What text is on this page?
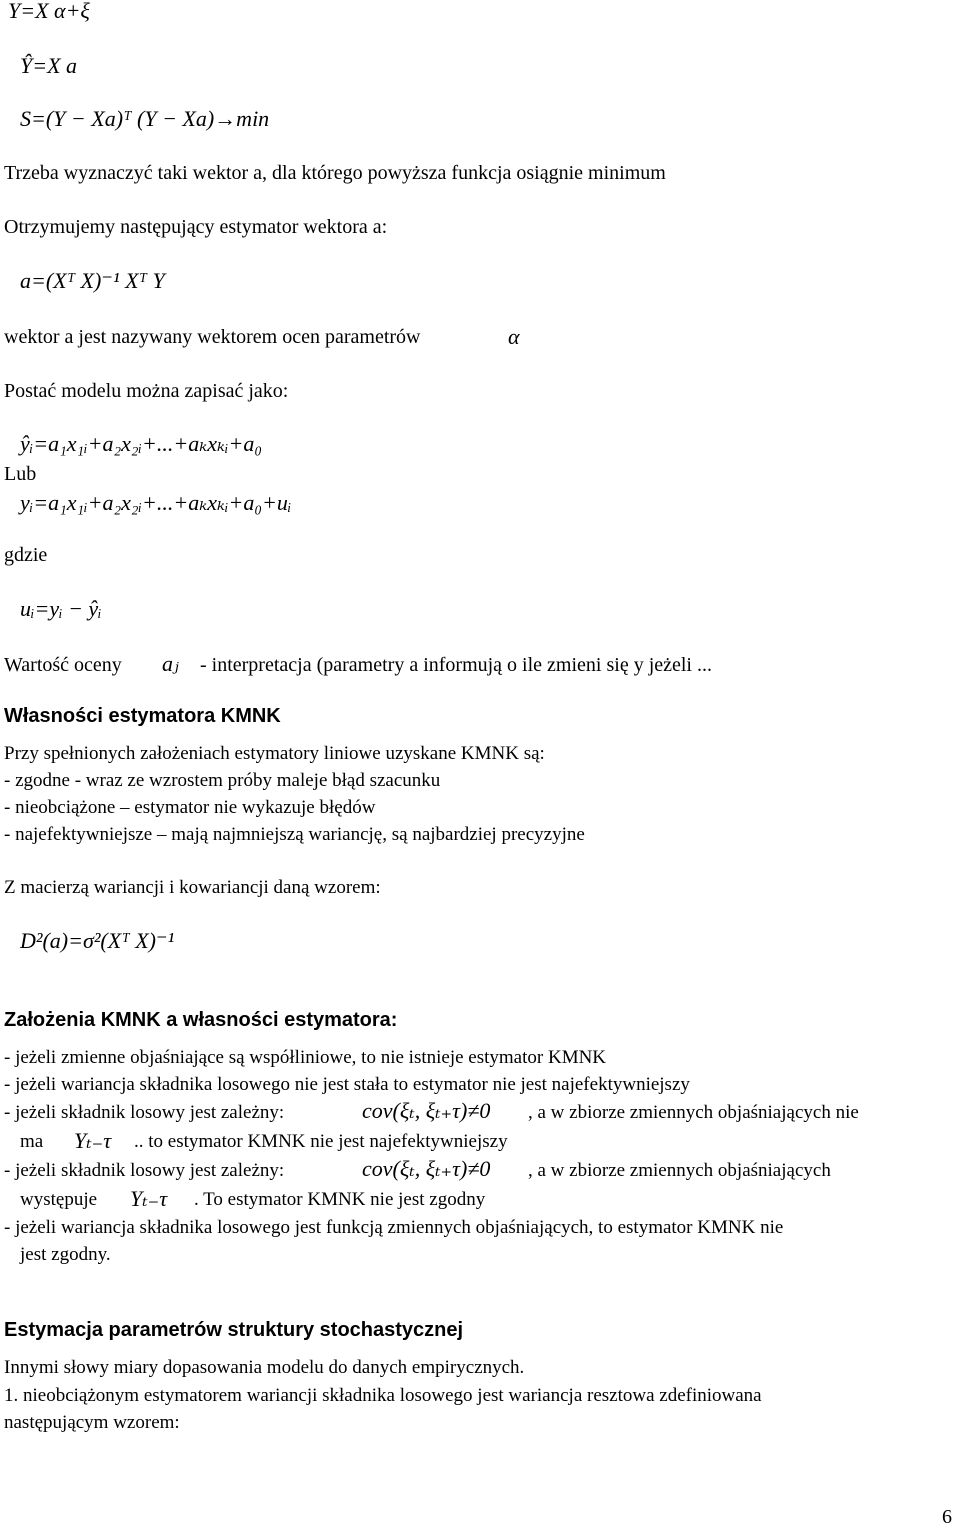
Y=X α+ξ
Ŷ=X a
S=(Y − Xa)ᵀ (Y − Xa)→min
Trzeba wyznaczyć taki wektor a, dla którego powyższa funkcja osiągnie minimum
Otrzymujemy następujący estymator wektora a:
a=(Xᵀ X)⁻¹ Xᵀ Y
wektor a jest nazywany wektorem ocen parametrów	α
Postać modelu można zapisać jako:
ŷᵢ=a₁x₁ᵢ+a₂x₂ᵢ+...+aₖxₖᵢ+a₀
Lub
yᵢ=a₁x₁ᵢ+a₂x₂ᵢ+...+aₖxₖᵢ+a₀+uᵢ
gdzie
uᵢ=yᵢ − ŷᵢ
Wartość oceny aⱼ - interpretacja (parametry a informują o ile zmieni się y jeżeli ...
Własności estymatora KMNK
Przy spełnionych założeniach estymatory liniowe uzyskane KMNK są:
- zgodne - wraz ze wzrostem próby maleje błąd szacunku
- nieobciążone – estymator nie wykazuje błędów
- najefektywniejsze – mają najmniejszą wariancję, są najbardziej precyzyjne
Z macierzą wariancji i kowariancji daną wzorem:
D²(a)=σ²(Xᵀ X)⁻¹
Założenia KMNK a własności estymatora:
- jeżeli zmienne objaśniające są współliniowe, to nie istnieje estymator KMNK
- jeżeli wariancja składnika losowego nie jest stała to estymator nie jest najefektywniejszy
- jeżeli składnik losowy jest zależny:	cov(ξₜ, ξₜ₊τ)≠0 , a w zbiorze zmiennych objaśniających nie
ma Yₜ₋τ .. to estymator KMNK nie jest najefektywniejszy
- jeżeli składnik losowy jest zależny:	cov(ξₜ, ξₜ₊τ)≠0 , a w zbiorze zmiennych objaśniających
występuje Yₜ₋τ . To estymator KMNK nie jest zgodny
- jeżeli wariancja składnika losowego jest funkcją zmiennych objaśniających, to estymator KMNK nie
jest zgodny.
Estymacja parametrów struktury stochastycznej
Innymi słowy miary dopasowania modelu do danych empirycznych.
1. nieobciążonym estymatorem wariancji składnika losowego jest wariancja resztowa zdefiniowana
następującym wzorem:
6
